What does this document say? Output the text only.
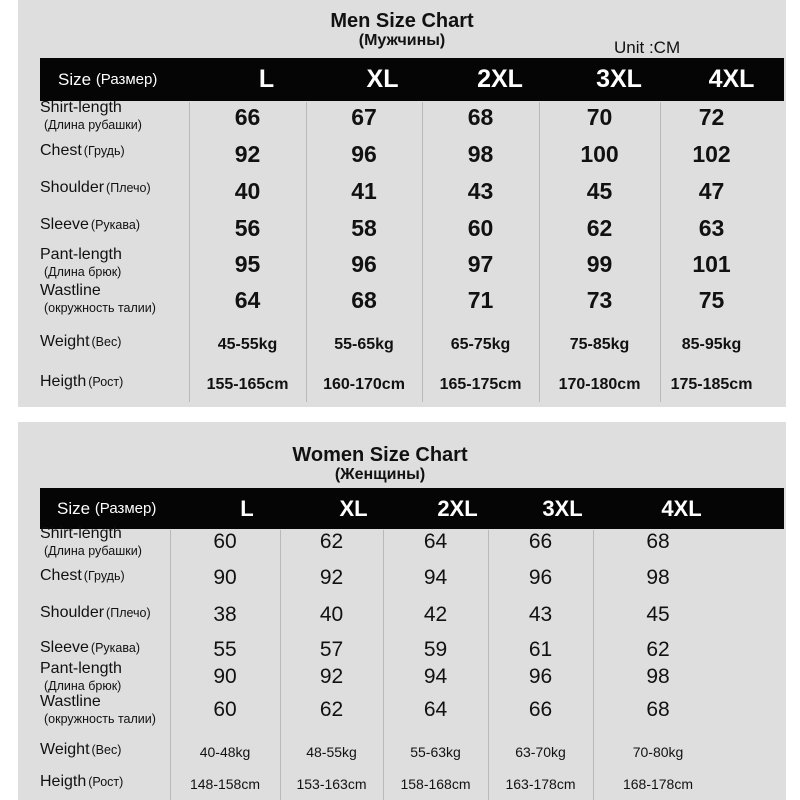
Men Size Chart
(Мужчины)	Unit :CM
Size
(Размер)	L	XL	2XL	3XL	4XL
Shirt-length
(Длина рубашки)	66	67	68	70	72
Chest (Грудь)	92	96	98	100	102
Shoulder (Плечо)	40	41	43	45	47
Sleeve (Рукава)	56	58	60	62	63
Pant-length
(Длина брюк)	95	96	97	99	101
Wastline
(окружность талии)	64	68	71	73	75
Weight (Вес)	45-55kg	55-65kg	65-75kg	75-85kg	85-95kg
Heigth (Рост)	155-165cm	160-170cm	165-175cm	170-180cm	175-185cm
Women Size Chart
(Женщины)
Size
(Размер)	L	XL	2XL	3XL	4XL
Shirt-length
(Длина рубашки)	60	62	64	66	68
Chest (Грудь)	90	92	94	96	98
Shoulder (Плечо)	38	40	42	43	45
Sleeve (Рукава)	55	57	59	61	62
Pant-length
(Длина брюк)	90	92	94	96	98
Wastline
(окружность талии)	60	62	64	66	68
Weight (Вес)	40-48kg	48-55kg	55-63kg	63-70kg	70-80kg
Heigth (Рост)	148-158cm	153-163cm	158-168cm	163-178cm	168-178cm
